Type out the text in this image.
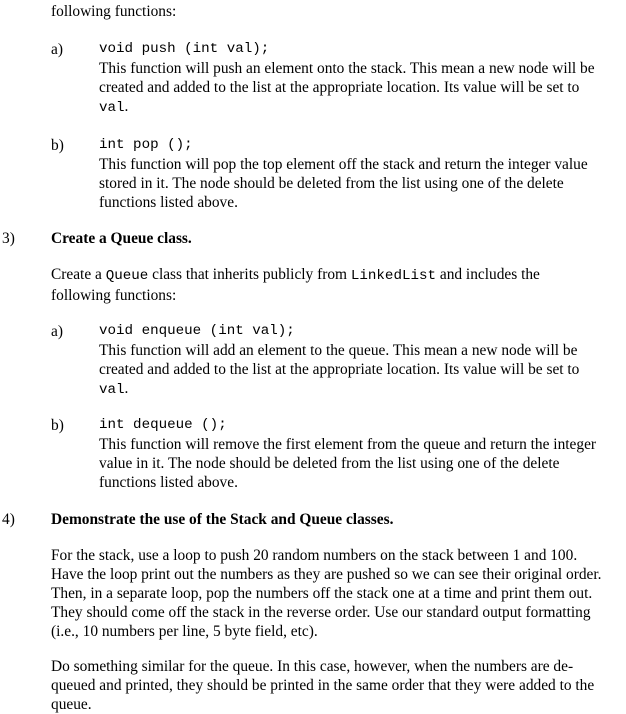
following functions:
a)	void push (int val);
This function will push an element onto the stack. This mean a new node will be
created and added to the list at the appropriate location. Its value will be set to
val.
b) int pop ();
This function will pop the top element off the stack and return the integer value
stored in it. The node should be deleted from the list using one of the delete
functions listed above.
3) Create a Queue class.
Create a Queue class that inherits publicly from LinkedList and includes the
following functions:
a)	void enqueue (int val);
This function will add an element to the queue. This mean a new node will be
created and added to the list at the appropriate location. Its value will be set to
val.
b) int dequeue ();
This function will remove the first element from the queue and return the integer
value in it. The node should be deleted from the list using one of the delete
functions listed above.
4) Demonstrate the use of the Stack and Queue classes.
For the stack, use a loop to push 20 random numbers on the stack between 1 and 100.
Have the loop print out the numbers as they are pushed so we can see their original order.
Then, in a separate loop, pop the numbers off the stack one at a time and print them out.
They should come off the stack in the reverse order. Use our standard output formatting
(i.e., 10 numbers per line, 5 byte field, etc).
Do something similar for the queue. In this case, however, when the numbers are de-
queued and printed, they should be printed in the same order that they were added to the
queue.
